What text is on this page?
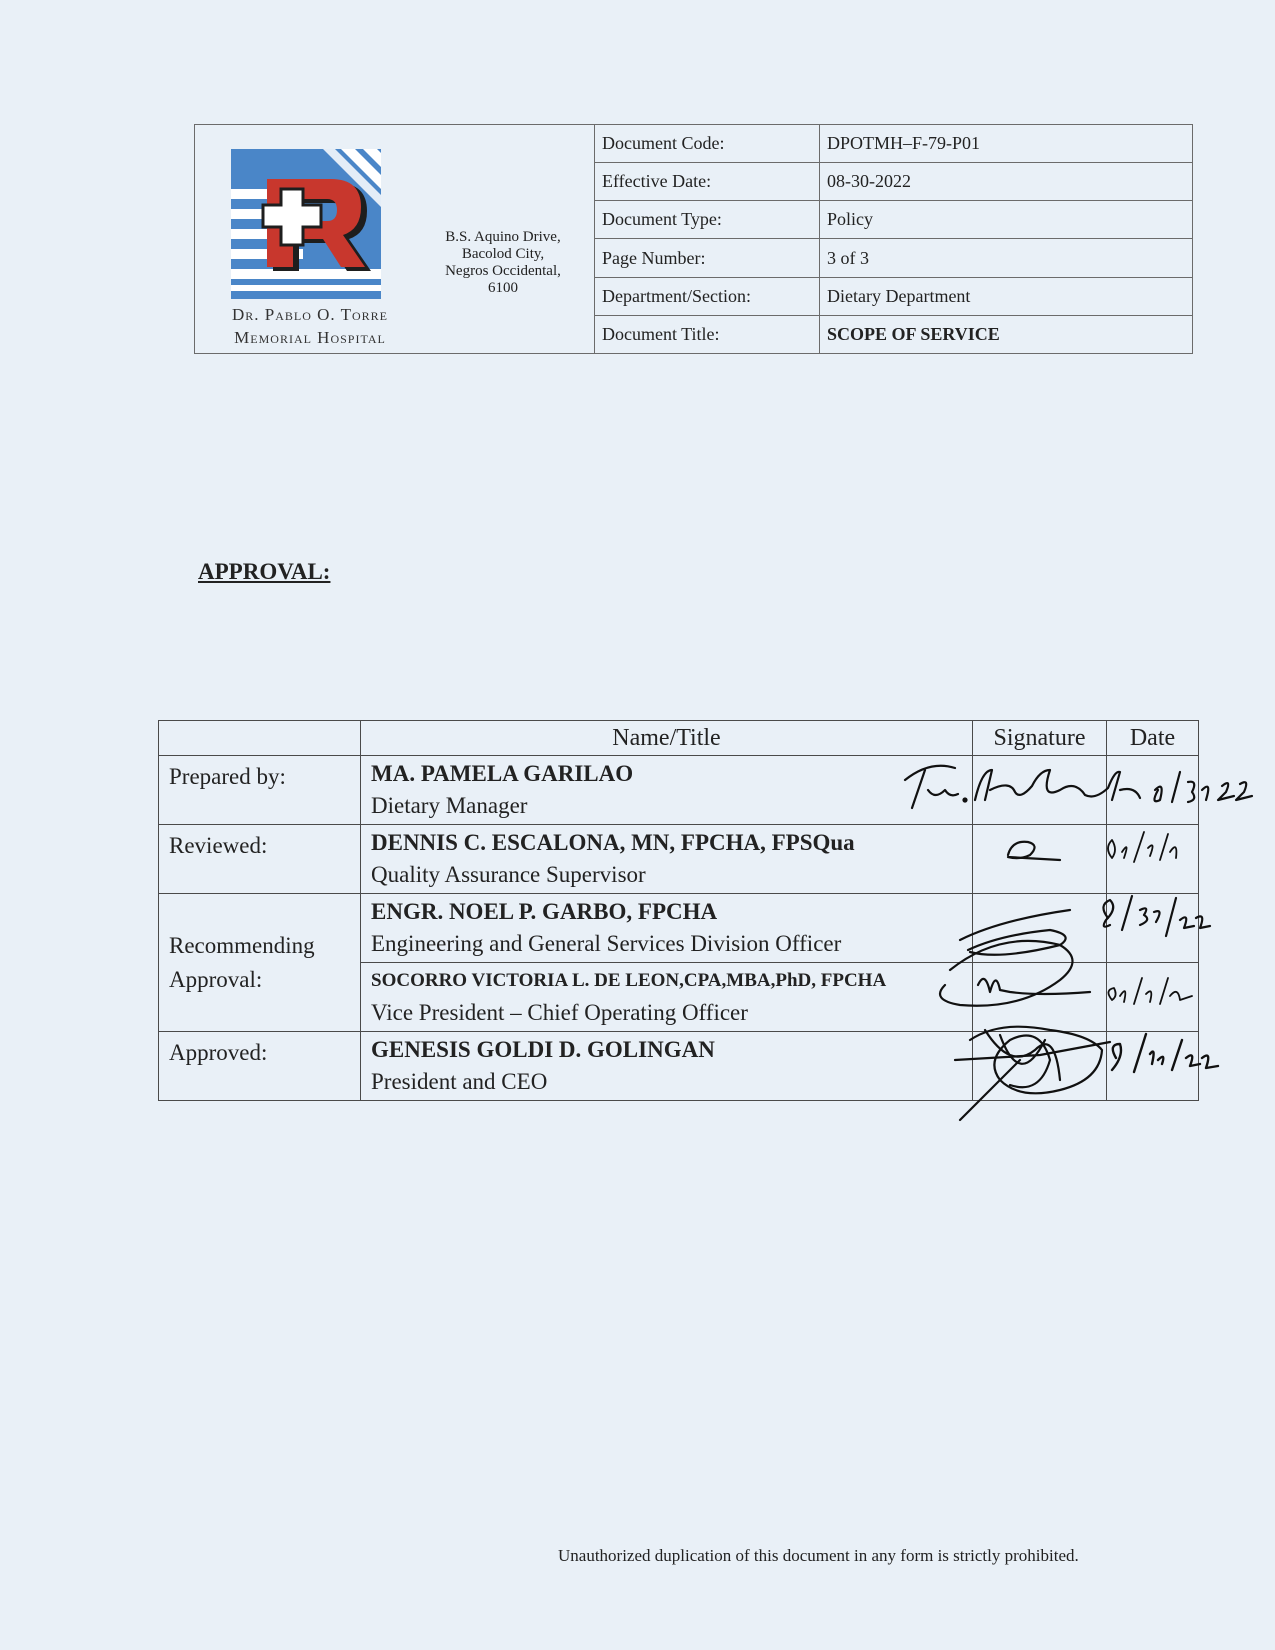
Dr. Pablo O. Torre
Memorial Hospital
B.S. Aquino Drive,
Bacolod City,
Negros Occidental,
6100
Document Code:	DPOTMH–F-79-P01
Effective Date:	08-30-2022
Document Type:	Policy
Page Number:	3 of 3
Department/Section:	Dietary Department
Document Title:	SCOPE OF SERVICE
APPROVAL:
	Name/Title	Signature	Date
Prepared by:	MA. PAMELA GARILAO
Dietary Manager		

Reviewed:	DENNIS C. ESCALONA, MN, FPCHA, FPSQua
Quality Assurance Supervisor		

Recommending Approval:	ENGR. NOEL P. GARBO, FPCHA
Engineering and General Services Division Officer		

	SOCORRO VICTORIA L. DE LEON,CPA,MBA,PhD, FPCHA
Vice President – Chief Operating Officer		

Approved:	GENESIS GOLDI D. GOLINGAN
President and CEO		

Unauthorized duplication of this document in any form is strictly prohibited.
